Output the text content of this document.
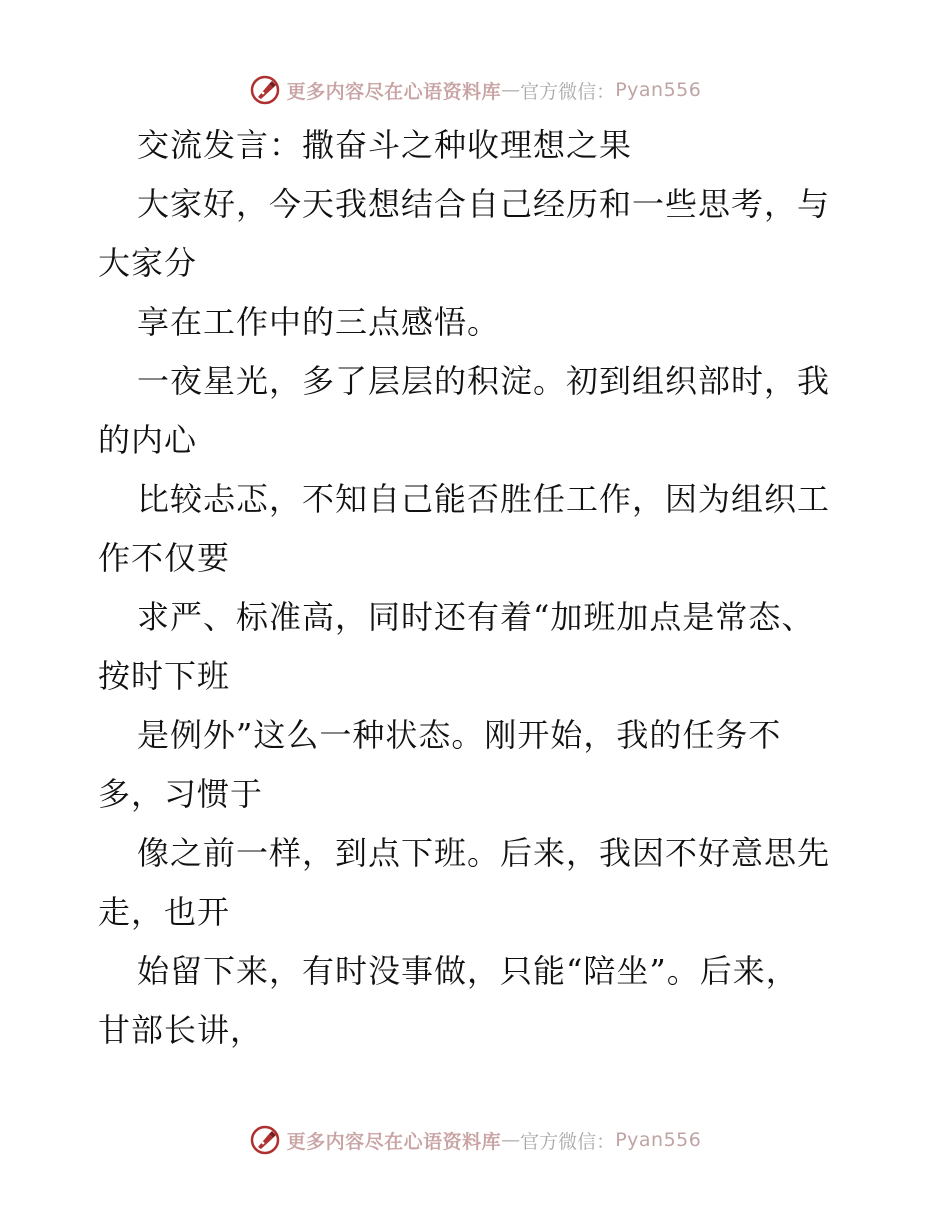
更多内容尽在心语资料库 — 官方微信： Pyan556
交流发言：撒奋斗之种收理想之果
大家好，今天我想结合自己经历和一些思考，与
大家分
享在工作中的三点感悟。
一夜星光，多了层层的积淀。初到组织部时，我
的内心
比较忐忑，不知自己能否胜任工作，因为组织工
作不仅要
求严、标准高，同时还有着“加班加点是常态、
按时下班
是例外”这么一种状态。刚开始，我的任务不
多，习惯于
像之前一样，到点下班。后来，我因不好意思先
走，也开
始留下来，有时没事做，只能“陪坐”。后来，
甘部长讲，
更多内容尽在心语资料库 — 官方微信： Pyan556
